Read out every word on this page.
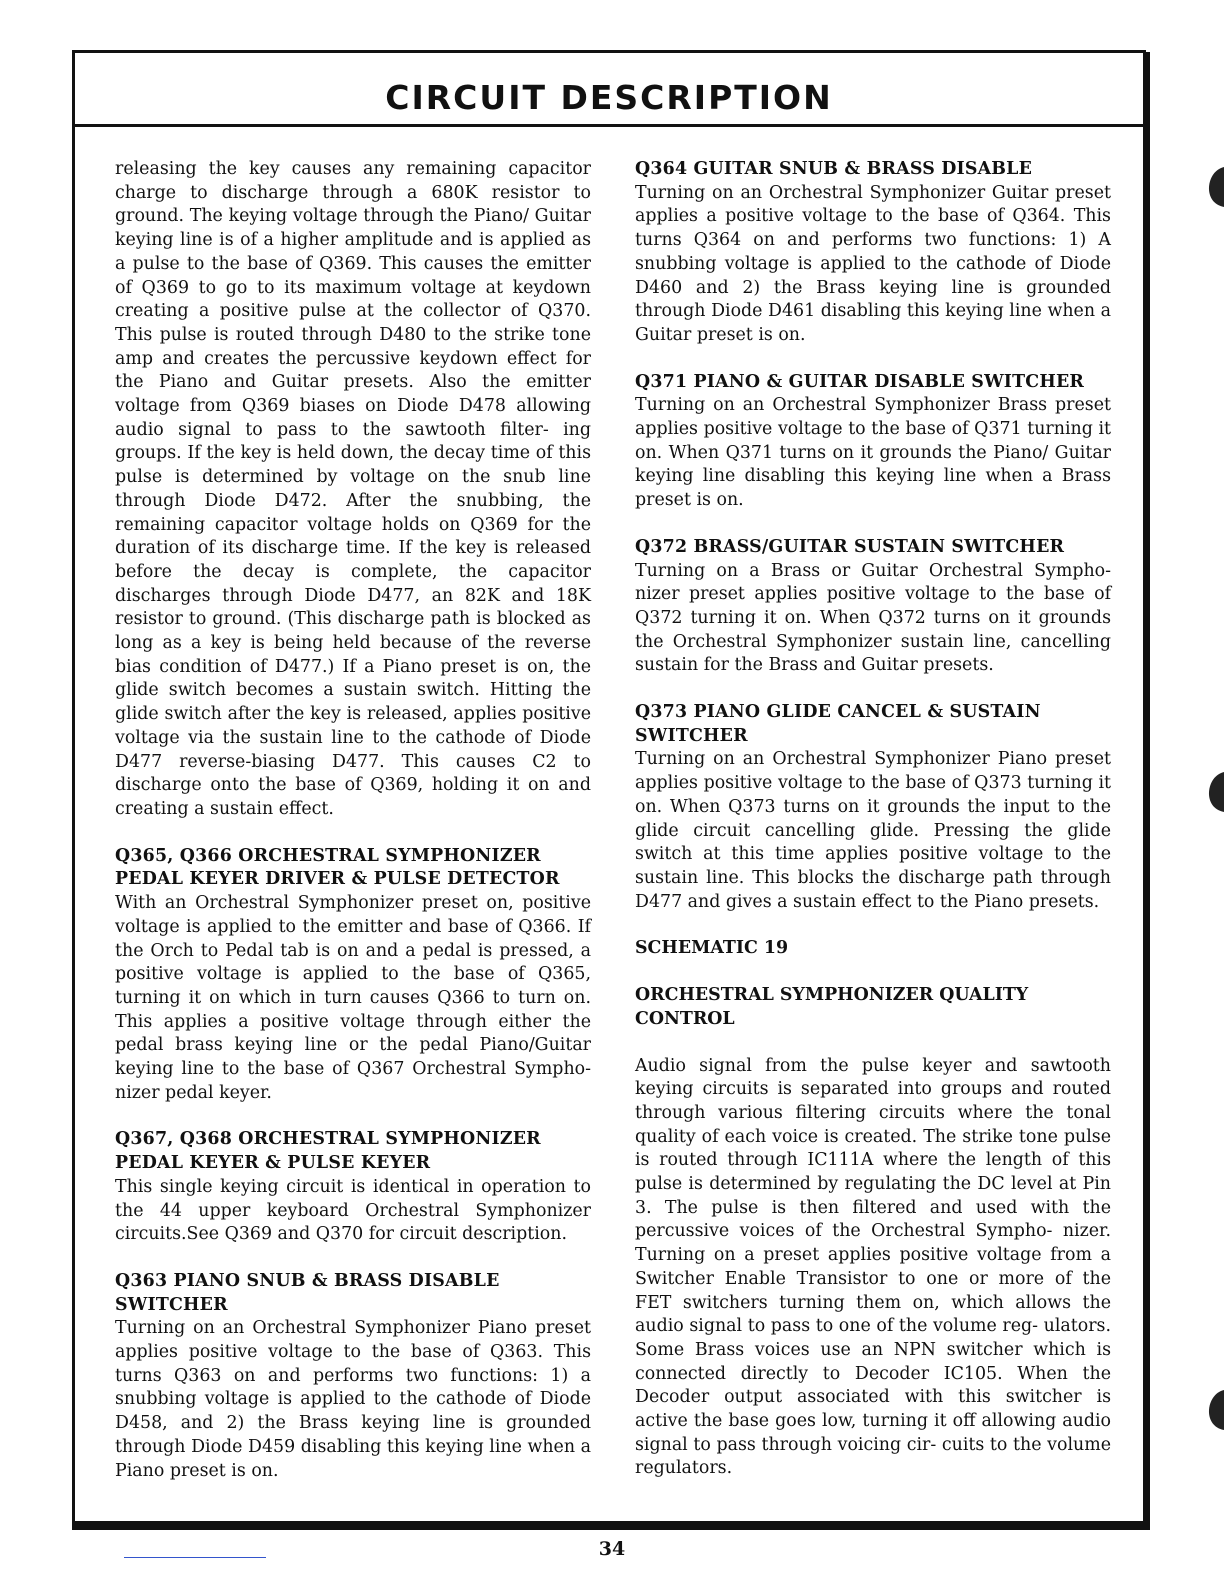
CIRCUIT DESCRIPTION

releasing the key causes any remaining capacitor charge to discharge through a 680K resistor to ground. The keying voltage through the Piano/ Guitar keying line is of a higher amplitude and is applied as a pulse to the base of Q369. This causes the emitter of Q369 to go to its maximum voltage at keydown creating a positive pulse at the collector of Q370. This pulse is routed through D480 to the strike tone amp and creates the percussive keydown effect for the Piano and Guitar presets. Also the emitter voltage from Q369 biases on Diode D478 allowing audio signal to pass to the sawtooth filter- ing groups. If the key is held down, the decay time of this pulse is determined by voltage on the snub line through Diode D472. After the snubbing, the remaining capacitor voltage holds on Q369 for the duration of its discharge time. If the key is released before the decay is complete, the capacitor discharges through Diode D477, an 82K and 18K resistor to ground. (This discharge path is blocked as long as a key is being held because of the reverse bias condition of D477.) If a Piano preset is on, the glide switch becomes a sustain switch. Hitting the glide switch after the key is released, applies positive voltage via the sustain line to the cathode of Diode D477 reverse-biasing D477. This causes C2 to discharge onto the base of Q369, holding it on and creating a sustain effect.

Q365, Q366 ORCHESTRAL SYMPHONIZER
PEDAL KEYER DRIVER & PULSE DETECTOR

With an Orchestral Symphonizer preset on, positive voltage is applied to the emitter and base of Q366. If the Orch to Pedal tab is on and a pedal is pressed, a positive voltage is applied to the base of Q365, turning it on which in turn causes Q366 to turn on. This applies a positive voltage through either the pedal brass keying line or the pedal Piano/Guitar keying line to the base of Q367 Orchestral Sympho- nizer pedal keyer.

Q367, Q368 ORCHESTRAL SYMPHONIZER
PEDAL KEYER & PULSE KEYER

This single keying circuit is identical in operation to the 44 upper keyboard Orchestral Symphonizer circuits.See Q369 and Q370 for circuit description.

Q363 PIANO SNUB & BRASS DISABLE
SWITCHER

Turning on an Orchestral Symphonizer Piano preset applies positive voltage to the base of Q363. This turns Q363 on and performs two functions: 1) a snubbing voltage is applied to the cathode of Diode D458, and 2) the Brass keying line is grounded through Diode D459 disabling this keying line when a Piano preset is on.

Q364 GUITAR SNUB & BRASS DISABLE

Turning on an Orchestral Symphonizer Guitar preset applies a positive voltage to the base of Q364. This turns Q364 on and performs two functions: 1) A snubbing voltage is applied to the cathode of Diode D460 and 2) the Brass keying line is grounded through Diode D461 disabling this keying line when a Guitar preset is on.

Q371 PIANO & GUITAR DISABLE SWITCHER

Turning on an Orchestral Symphonizer Brass preset applies positive voltage to the base of Q371 turning it on. When Q371 turns on it grounds the Piano/ Guitar keying line disabling this keying line when a Brass preset is on.

Q372 BRASS/GUITAR SUSTAIN SWITCHER

Turning on a Brass or Guitar Orchestral Sympho- nizer preset applies positive voltage to the base of Q372 turning it on. When Q372 turns on it grounds the Orchestral Symphonizer sustain line, cancelling sustain for the Brass and Guitar presets.

Q373 PIANO GLIDE CANCEL & SUSTAIN
SWITCHER

Turning on an Orchestral Symphonizer Piano preset applies positive voltage to the base of Q373 turning it on. When Q373 turns on it grounds the input to the glide circuit cancelling glide. Pressing the glide switch at this time applies positive voltage to the sustain line. This blocks the discharge path through D477 and gives a sustain effect to the Piano presets.

SCHEMATIC 19

ORCHESTRAL SYMPHONIZER QUALITY

CONTROL

Audio signal from the pulse keyer and sawtooth keying circuits is separated into groups and routed through various filtering circuits where the tonal quality of each voice is created. The strike tone pulse is routed through IC111A where the length of this pulse is determined by regulating the DC level at Pin 3. The pulse is then filtered and used with the percussive voices of the Orchestral Sympho- nizer. Turning on a preset applies positive voltage from a Switcher Enable Transistor to one or more of the FET switchers turning them on, which allows the audio signal to pass to one of the volume reg- ulators. Some Brass voices use an NPN switcher which is connected directly to Decoder IC105. When the Decoder output associated with this switcher is active the base goes low, turning it off allowing audio signal to pass through voicing cir- cuits to the volume regulators.

34
